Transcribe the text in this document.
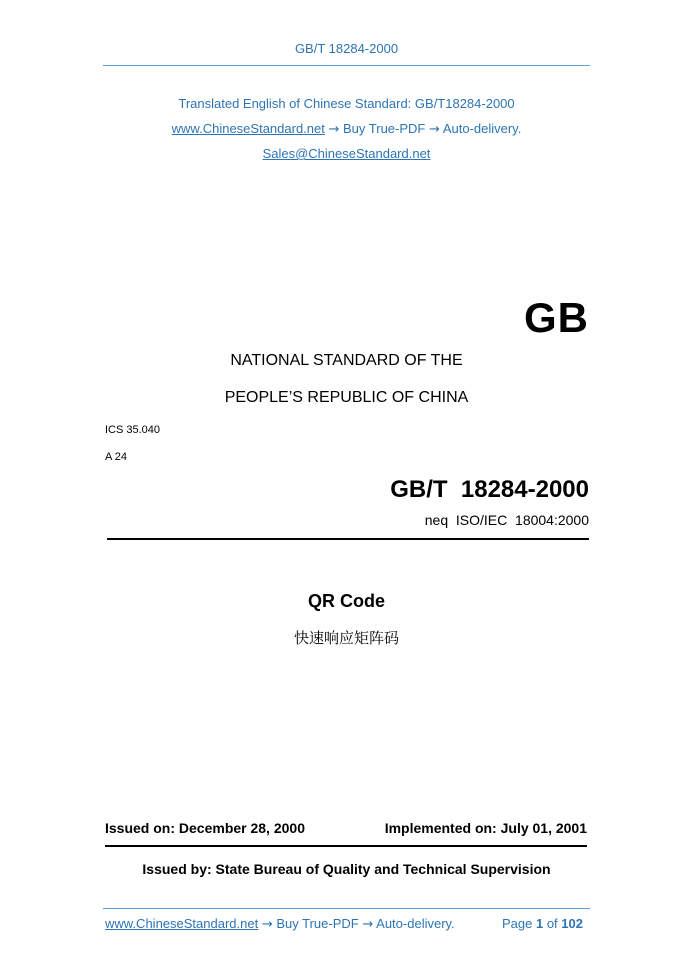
GB/T 18284-2000
Translated English of Chinese Standard: GB/T18284-2000
www.ChineseStandard.net → Buy True-PDF → Auto-delivery.
Sales@ChineseStandard.net
GB
NATIONAL STANDARD OF THE
PEOPLE’S REPUBLIC OF CHINA
ICS 35.040
A 24
GB/T  18284-2000
neq  ISO/IEC  18004:2000
QR Code
快速响应矩阵码
Issued on: December 28, 2000	Implemented on: July 01, 2001
Issued by: State Bureau of Quality and Technical Supervision
www.ChineseStandard.net → Buy True-PDF → Auto-delivery.	Page 1 of 102
